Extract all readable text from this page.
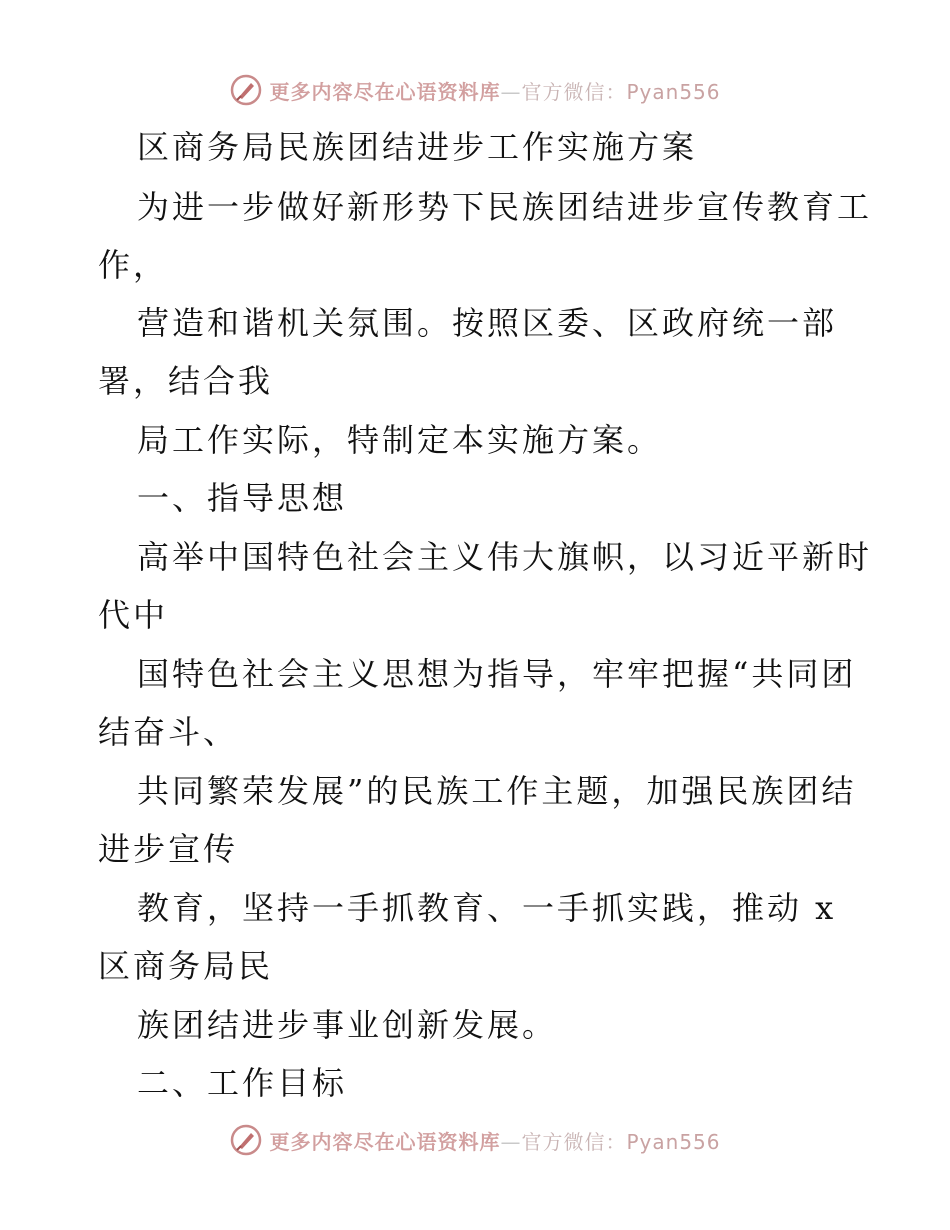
更多内容尽在心语资料库—官方微信：Pyan556
区商务局民族团结进步工作实施方案
为进一步做好新形势下民族团结进步宣传教育工
作，
营造和谐机关氛围。按照区委、区政府统一部
署，结合我
局工作实际，特制定本实施方案。
一、指导思想
高举中国特色社会主义伟大旗帜，以习近平新时
代中
国特色社会主义思想为指导，牢牢把握“共同团
结奋斗、
共同繁荣发展”的民族工作主题，加强民族团结
进步宣传
教育，坚持一手抓教育、一手抓实践，推动 x
区商务局民
族团结进步事业创新发展。
二、工作目标
更多内容尽在心语资料库—官方微信：Pyan556
